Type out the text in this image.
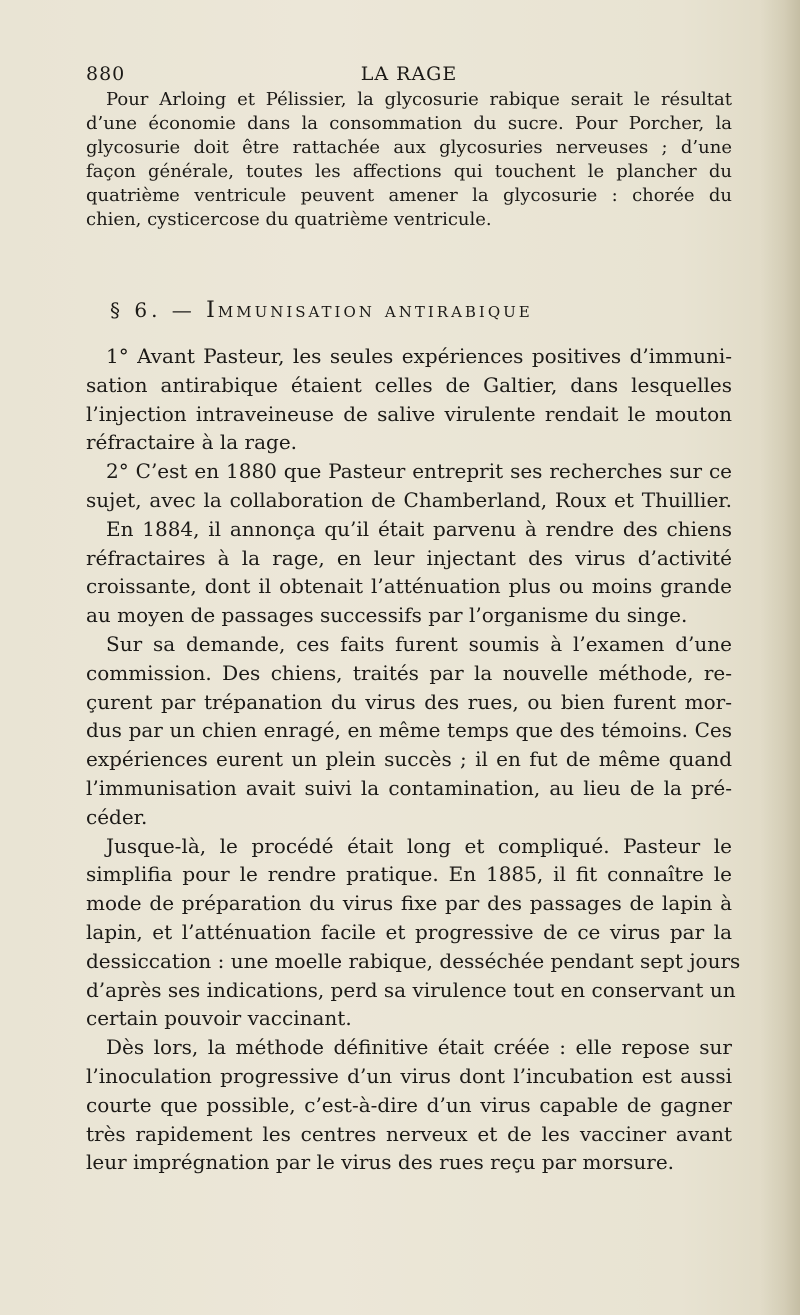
880	LA RAGE
Pour Arloing et Pélissier, la glycosurie rabique serait le résultat
d’une économie dans la consommation du sucre. Pour Porcher, la
glycosurie doit être rattachée aux glycosuries nerveuses ; d’une
façon générale, toutes les affections qui touchent le plancher du
quatrième ventricule peuvent amener la glycosurie : chorée du
chien, cysticercose du quatrième ventricule.
§ 6. — Immunisation antirabique
1° Avant Pasteur, les seules expériences positives d’immuni-
sation antirabique étaient celles de Galtier, dans lesquelles
l’injection intraveineuse de salive virulente rendait le mouton
réfractaire à la rage.
2° C’est en 1880 que Pasteur entreprit ses recherches sur ce
sujet, avec la collaboration de Chamberland, Roux et Thuillier.
En 1884, il annonça qu’il était parvenu à rendre des chiens
réfractaires à la rage, en leur injectant des virus d’activité
croissante, dont il obtenait l’atténuation plus ou moins grande
au moyen de passages successifs par l’organisme du singe.
Sur sa demande, ces faits furent soumis à l’examen d’une
commission. Des chiens, traités par la nouvelle méthode, re-
çurent par trépanation du virus des rues, ou bien furent mor-
dus par un chien enragé, en même temps que des témoins. Ces
expériences eurent un plein succès ; il en fut de même quand
l’immunisation avait suivi la contamination, au lieu de la pré-
céder.
Jusque-là, le procédé était long et compliqué. Pasteur le
simplifia pour le rendre pratique. En 1885, il fit connaître le
mode de préparation du virus fixe par des passages de lapin à
lapin, et l’atténuation facile et progressive de ce virus par la
dessiccation : une moelle rabique, desséchée pendant sept jours
d’après ses indications, perd sa virulence tout en conservant un
certain pouvoir vaccinant.
Dès lors, la méthode définitive était créée : elle repose sur
l’inoculation progressive d’un virus dont l’incubation est aussi
courte que possible, c’est-à-dire d’un virus capable de gagner
très rapidement les centres nerveux et de les vacciner avant
leur imprégnation par le virus des rues reçu par morsure.
